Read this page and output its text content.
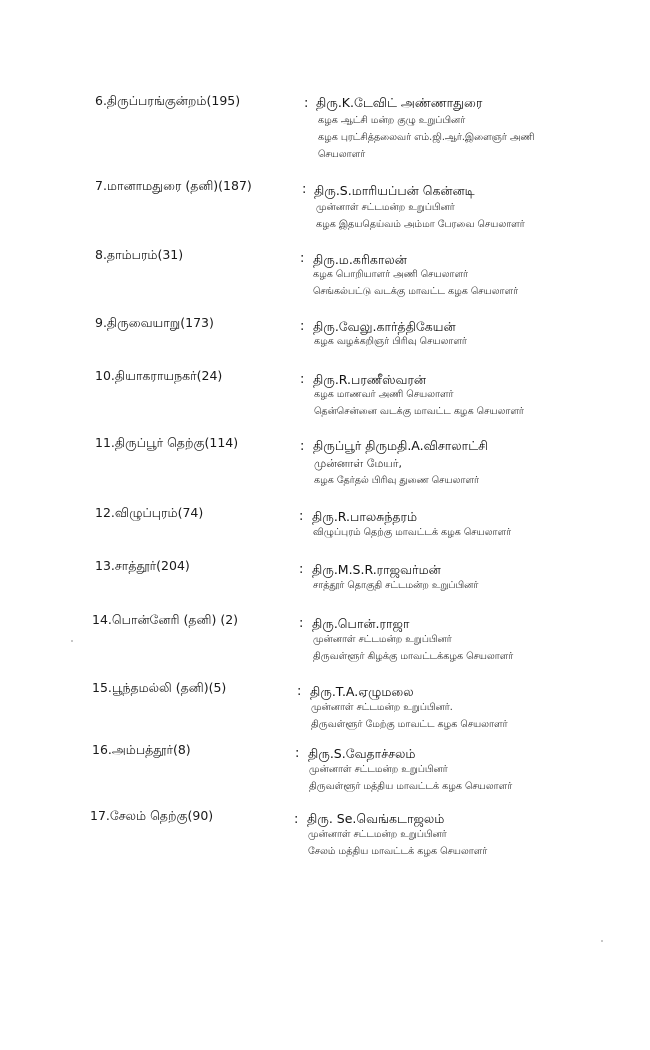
6.திருப்பரங்குன்றம்(195)	: திரு.K.டேவிட் அண்ணாதுரை
கழக ஆட்சி மன்ற குழு உறுப்பினர்
கழக புரட்சித்தலைவர் எம்.ஜி.ஆர்.இளைஞர் அணி
செயலாளர்
7.மானாமதுரை (தனி)(187)	: திரு.S.மாரியப்பன் கென்னடி
முன்னாள் சட்டமன்ற உறுப்பினர்
கழக இதயதெய்வம் அம்மா பேரவை செயலாளர்
8.தாம்பரம்(31)	: திரு.ம.கரிகாலன்
கழக பொறியாளர் அணி செயலாளர்
செங்கல்பட்டு வடக்கு மாவட்ட கழக செயலாளர்
9.திருவையாறு(173)	: திரு.வேலு.கார்த்திகேயன்
கழக வழக்கறிஞர் பிரிவு செயலாளர்
10.தியாகராயநகர்(24)	: திரு.R.பரணீஸ்வரன்
கழக மாணவர் அணி செயலாளர்
தென்சென்னை வடக்கு மாவட்ட கழக செயலாளர்
11.திருப்பூர் தெற்கு(114)	: திருப்பூர் திருமதி.A.விசாலாட்சி
முன்னாள் மேயர்,
கழக தேர்தல் பிரிவு துணை செயலாளர்
12.விழுப்புரம்(74)	: திரு.R.பாலசுந்தரம்
விழுப்புரம் தெற்கு மாவட்டக் கழக செயலாளர்
13.சாத்தூர்(204)	: திரு.M.S.R.ராஜவர்மன்
சாத்தூர் தொகுதி சட்டமன்ற உறுப்பினர்
14.பொன்னேரி (தனி) (2)	: திரு.பொன்.ராஜா
முன்னாள் சட்டமன்ற உறுப்பினர்
திருவள்ளூர் கிழக்கு மாவட்டக்கழக செயலாளர்
15.பூந்தமல்லி (தனி)(5)	: திரு.T.A.ஏழுமலை
முன்னாள் சட்டமன்ற உறுப்பினர்.
திருவள்ளூர் மேற்கு மாவட்ட கழக செயலாளர்
16.அம்பத்தூர்(8)	: திரு.S.வேதாச்சலம்
முன்னாள் சட்டமன்ற உறுப்பினர்
திருவள்ளூர் மத்திய மாவட்டக் கழக செயலாளர்
17.சேலம் தெற்கு(90)	: திரு. Se.வெங்கடாஜலம்
முன்னாள் சட்டமன்ற உறுப்பினர்
சேலம் மத்திய மாவட்டக் கழக செயலாளர்
